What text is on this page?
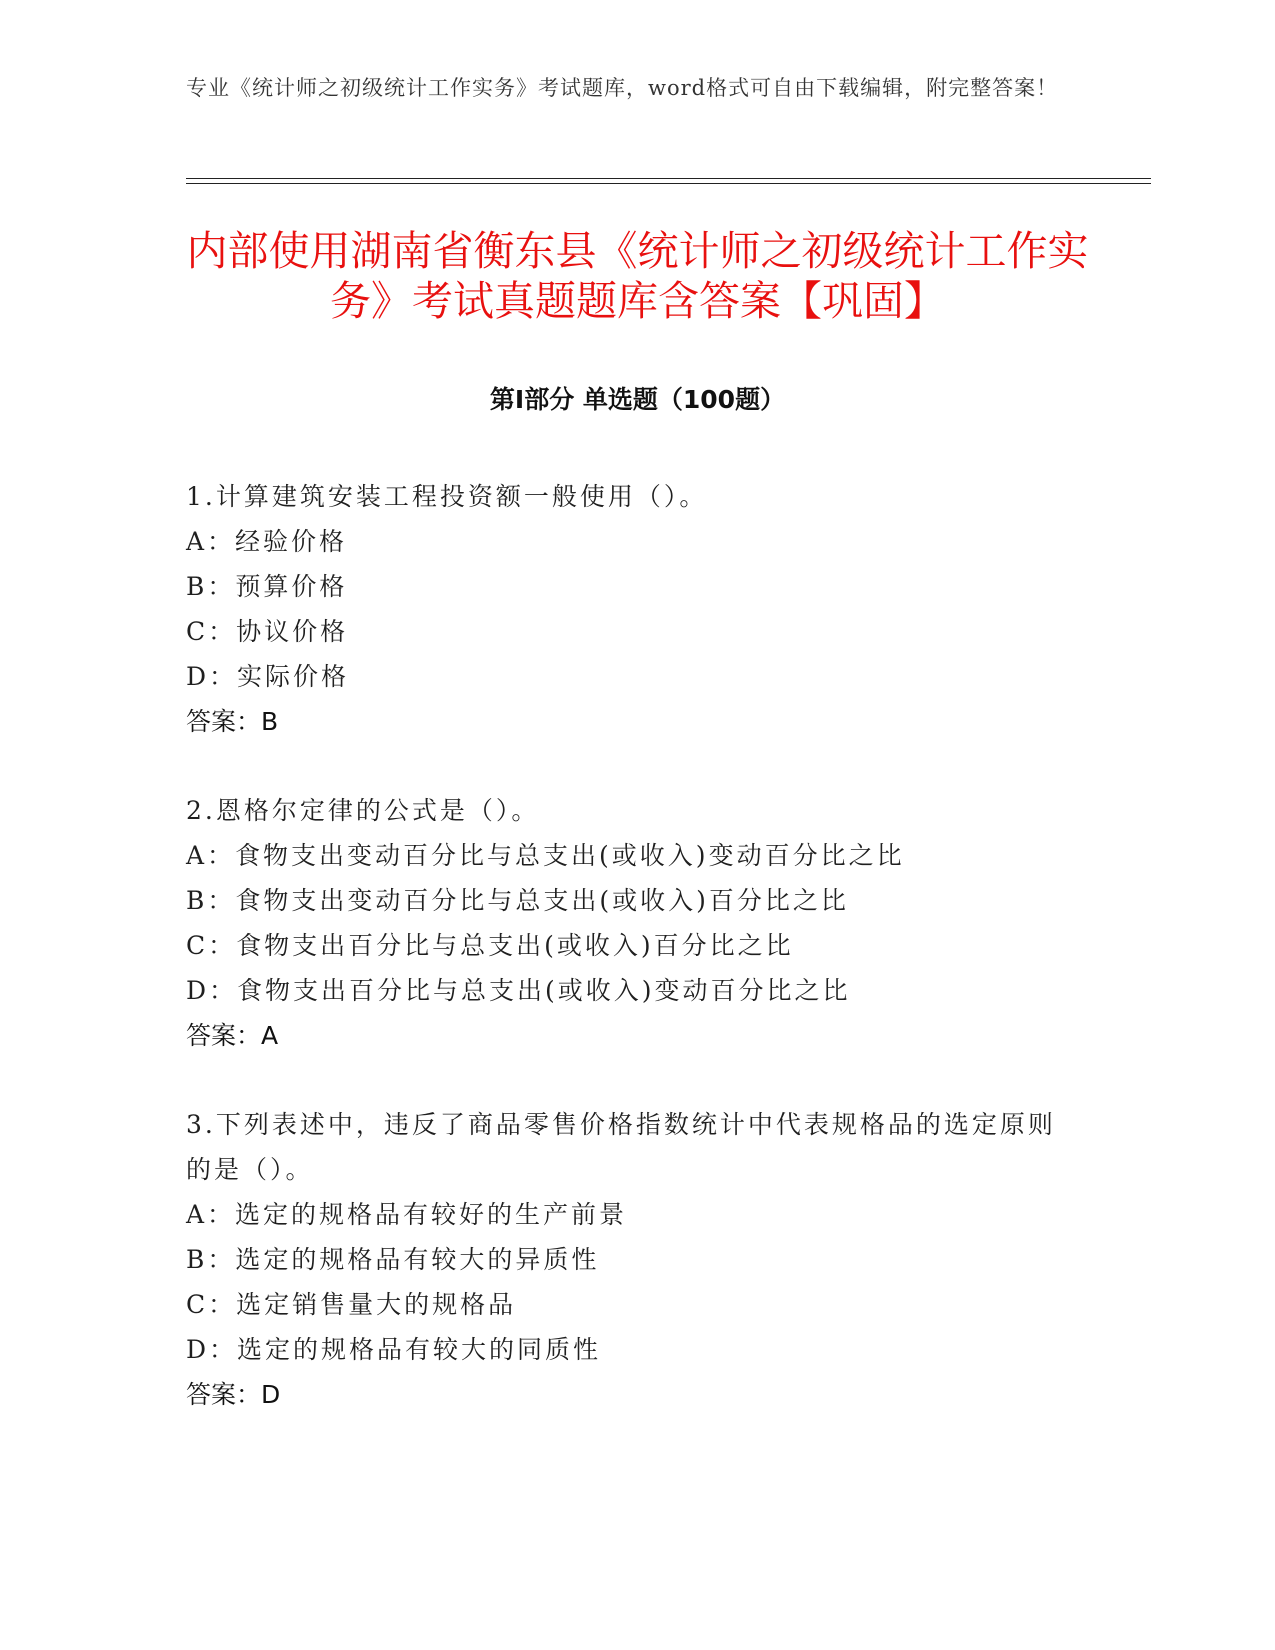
专业《统计师之初级统计工作实务》考试题库，word格式可自由下载编辑，附完整答案！
内部使用湖南省衡东县《统计师之初级统计工作实务》考试真题题库含答案【巩固】
第Ⅰ部分 单选题（100题）
1.计算建筑安装工程投资额一般使用（）。
A：经验价格
B：预算价格
C：协议价格
D：实际价格
答案：B
2.恩格尔定律的公式是（）。
A：食物支出变动百分比与总支出(或收入)变动百分比之比
B：食物支出变动百分比与总支出(或收入)百分比之比
C：食物支出百分比与总支出(或收入)百分比之比
D：食物支出百分比与总支出(或收入)变动百分比之比
答案：A
3.下列表述中，违反了商品零售价格指数统计中代表规格品的选定原则的是（）。
A：选定的规格品有较好的生产前景
B：选定的规格品有较大的异质性
C：选定销售量大的规格品
D：选定的规格品有较大的同质性
答案：D
